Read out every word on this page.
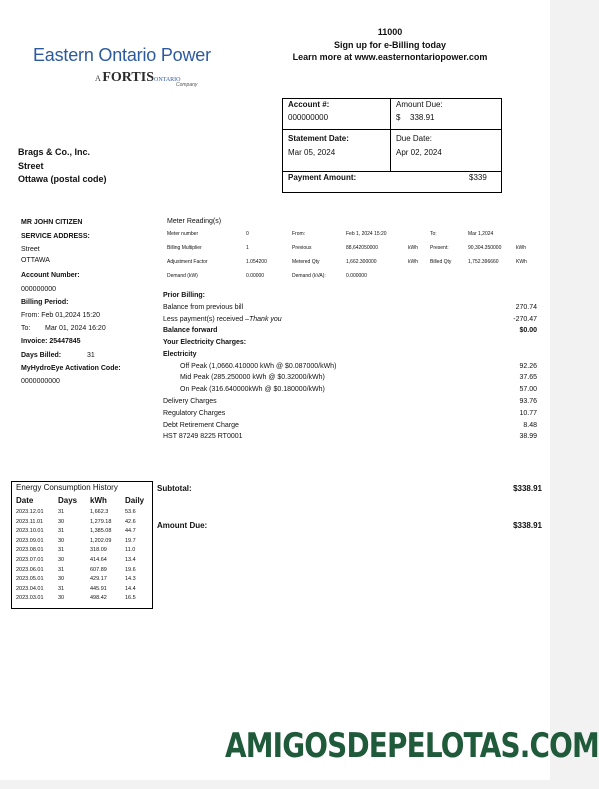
Eastern Ontario Power
A FORTISONTARIO
Company
11000
Sign up for e-Billing today
Learn more at www.easternontariopower.com
Account #:
000000000
Amount Due:
$ 338.91
Statement Date:
Mar 05, 2024
Due Date:
Apr 02, 2024
Payment Amount:	$339
Brags & Co., Inc.
Street
Ottawa (postal code)
MR JOHN CITIZEN
SERVICE ADDRESS:
Street
OTTAWA
Account Number:
000000000
Billing Period:
From: Feb 01,2024 15:20
To: Mar 01, 2024 16:20
Invoice: 25447845
Days Billed:	31
MyHydroEye Activation Code:
0000000000
Meter Reading(s)
Meter number	0	From:	Feb 1, 2024 15:20	To:	Mar 1,2024
Billing Multiplier	1	Previous	88,642050000	kWh Present:	90,304.350000	kWh
Adjustment Factor	1.054200	Metered Qty	1,662.300000	kWh Billed Qty	1,752.396660	KWh
Demand (kW)	0.00000	Demand (kVA):	0.000000
Prior Billing:
Balance from previous bill	270.74
Less payment(s) received –Thank you	-270.47
Balance forward	$0.00
Your Electricity Charges:
Electricity
Off Peak (1,0660.410000 kWh @ $0.087000/kWh)	92.26
Mid Peak (285.250000 kWh @ $0.32000/kWh)	37.65
On Peak (316.640000kWh @ $0.180000/kWh)	57.00
Delivery Charges	93.76
Regulatory Charges	10.77
Debt Retirement Charge	8.48
HST 87249 8225 RT0001	38.99
Subtotal:	$338.91
Amount Due:	$338.91
Energy Consumption History
Date	Days kWh Daily
2023.12.01	31	1,662.3	53.6
2023.11.01	30	1,279.18 42.6
2023.10.01	31	1,385.08 44.7
2023.09.01	30	1,202.09 19.7
2023.08.01	31	318.09	11.0
2023.07.01	30	414.64	13.4
2023.06.01	31	607.89	19.6
2023.05.01	30	429.17	14.3
2023.04.01	31	445.91	14.4
2023.03.01	30	498.42	16.5
AMIGOSDEPELOTAS.COM
